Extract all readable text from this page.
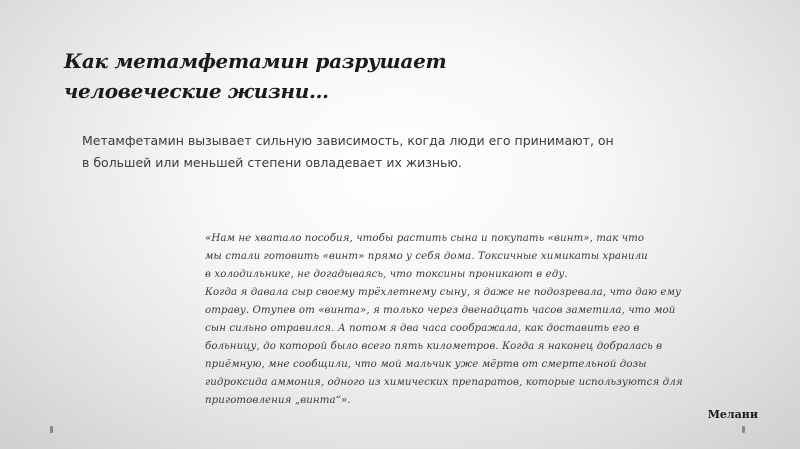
Как метамфетамин разрушает
человеческие жизни…

Метамфетамин вызывает сильную зависимость, когда люди его принимают, он
в большей или меньшей степени овладевает их жизнью.

«Нам не хватало пособия, чтобы растить сына и покупать «винт», так что
мы стали готовить «винт» прямо у себя дома. Токсичные химикаты хранили
в холодильнике, не догадываясь, что токсины проникают в еду.
Когда я давала сыр своему трёхлетнему сыну, я даже не подозревала, что даю ему
отраву. Отупев от «винта», я только через двенадцать часов заметила, что мой
сын сильно отравился. А потом я два часа соображала, как доставить его в
больницу, до которой было всего пять километров. Когда я наконец добралась в
приёмную, мне сообщили, что мой мальчик уже мёртв от смертельной дозы
гидроксида аммония, одного из химических препаратов, которые используются для
приготовления „винта“».
Мелани
